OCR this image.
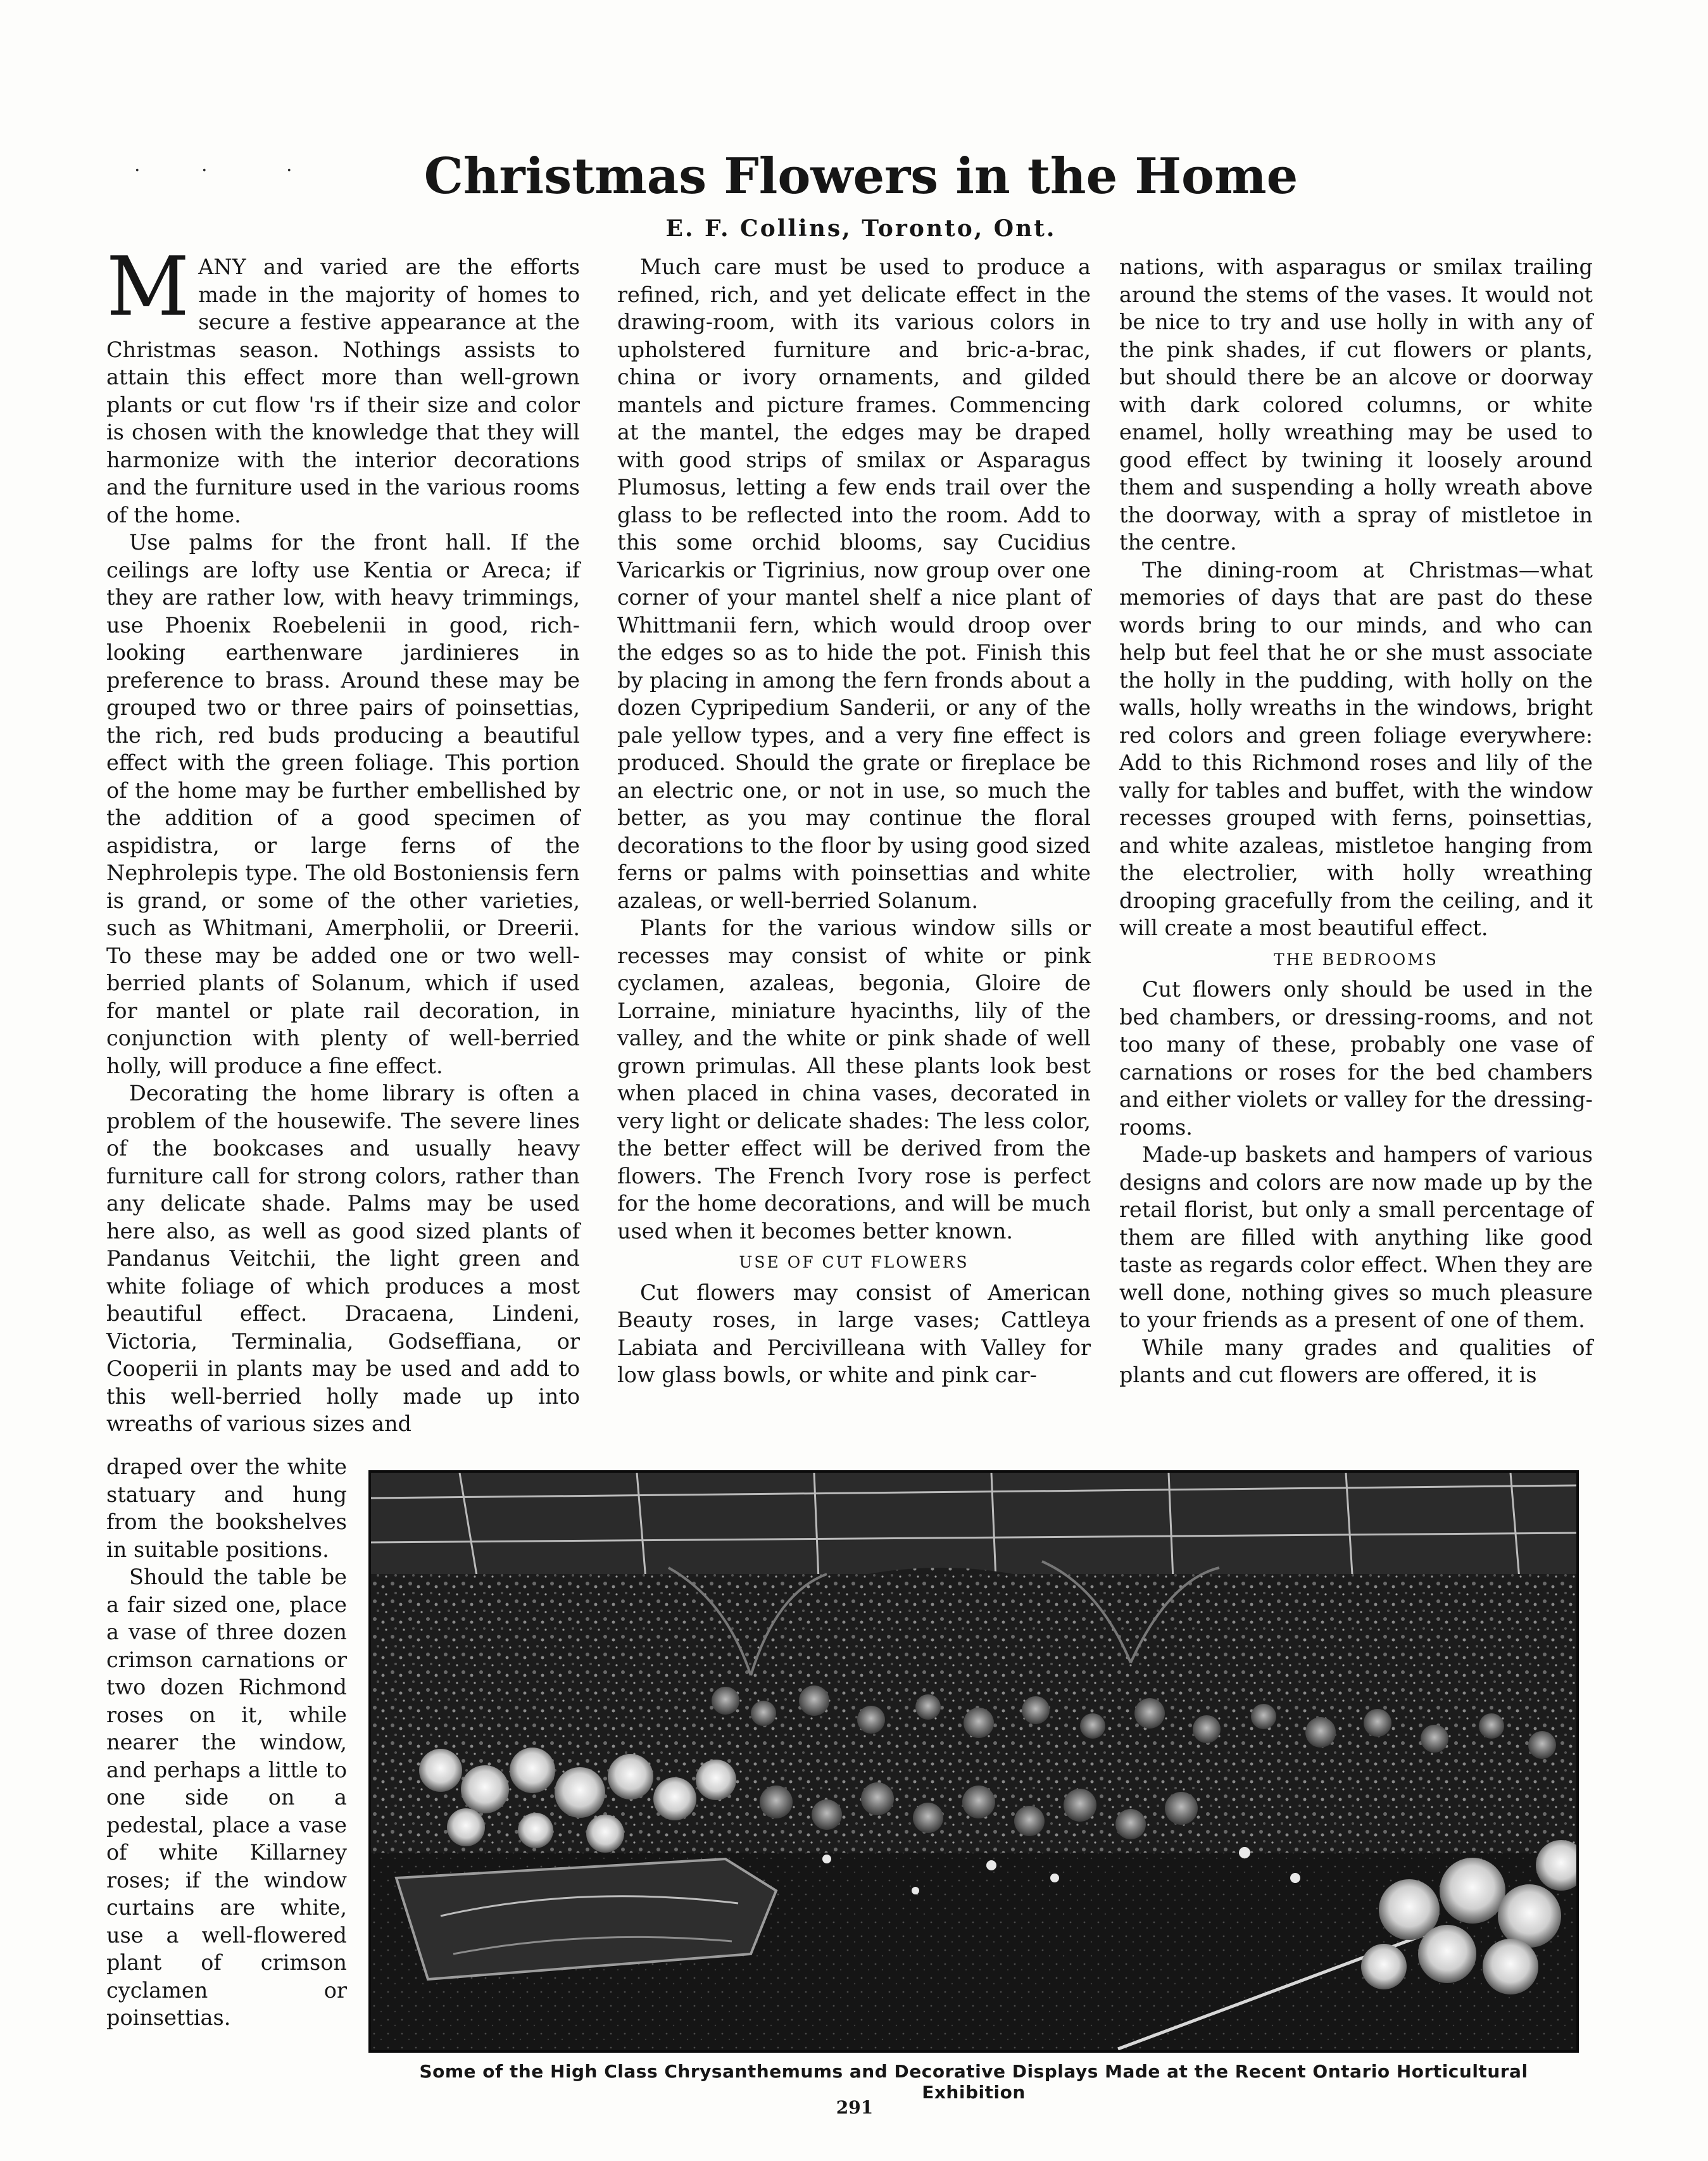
·	·	·	Christmas Flowers in the Home
E. F. Collins, Toronto, Ont.

MANY and varied are the efforts made in the majority of homes to secure a festive appearance at the Christmas season. Nothings assists to attain this effect more than well-grown plants or cut flow 'rs if their size and color is chosen with the knowledge that they will harmonize with the interior decorations and the furniture used in the various rooms of the home.

Use palms for the front hall. If the ceilings are lofty use Kentia or Areca; if they are rather low, with heavy trimmings, use Phoenix Roebelenii in good, rich-looking earthenware jardinieres in preference to brass. Around these may be grouped two or three pairs of poinsettias, the rich, red buds producing a beautiful effect with the green foliage. This portion of the home may be further embellished by the addition of a good specimen of aspidistra, or large ferns of the Nephrolepis type. The old Bostoniensis fern is grand, or some of the other varieties, such as Whitmani, Amerpholii, or Dreerii. To these may be added one or two well-berried plants of Solanum, which if used for mantel or plate rail decoration, in conjunction with plenty of well-berried holly, will produce a fine effect.

Decorating the home library is often a problem of the housewife. The severe lines of the bookcases and usually heavy furniture call for strong colors, rather than any delicate shade. Palms may be used here also, as well as good sized plants of Pandanus Veitchii, the light green and white foliage of which produces a most beautiful effect. Dracaena, Lindeni, Victoria, Terminalia, Godseffiana, or Cooperii in plants may be used and add to this well-berried holly made up into wreaths of various sizes and

draped over the white statuary and hung from the bookshelves in suitable positions.

Should the table be a fair sized one, place a vase of three dozen crimson carnations or two dozen Richmond roses on it, while nearer the window, and perhaps a little to one side on a pedestal, place a vase of white Killarney roses; if the window curtains are white, use a well-flowered plant of crimson cyclamen or poinsettias.

Much care must be used to produce a refined, rich, and yet delicate effect in the drawing-room, with its various colors in upholstered furniture and bric-a-brac, china or ivory ornaments, and gilded mantels and picture frames. Commencing at the mantel, the edges may be draped with good strips of smilax or Asparagus Plumosus, letting a few ends trail over the glass to be reflected into the room. Add to this some orchid blooms, say Cucidius Varicarkis or Tigrinius, now group over one corner of your mantel shelf a nice plant of Whittmanii fern, which would droop over the edges so as to hide the pot. Finish this by placing in among the fern fronds about a dozen Cypripedium Sanderii, or any of the pale yellow types, and a very fine effect is produced. Should the grate or fireplace be an electric one, or not in use, so much the better, as you may continue the floral decorations to the floor by using good sized ferns or palms with poinsettias and white azaleas, or well-berried Solanum.

Plants for the various window sills or recesses may consist of white or pink cyclamen, azaleas, begonia, Gloire de Lorraine, miniature hyacinths, lily of the valley, and the white or pink shade of well grown primulas. All these plants look best when placed in china vases, decorated in very light or delicate shades: The less color, the better effect will be derived from the flowers. The French Ivory rose is perfect for the home decorations, and will be much used when it becomes better known.

USE OF CUT FLOWERS

Cut flowers may consist of American Beauty roses, in large vases; Cattleya Labiata and Percivilleana with Valley for low glass bowls, or white and pink car-

nations, with asparagus or smilax trailing around the stems of the vases. It would not be nice to try and use holly in with any of the pink shades, if cut flowers or plants, but should there be an alcove or doorway with dark colored columns, or white enamel, holly wreathing may be used to good effect by twining it loosely around them and suspending a holly wreath above the doorway, with a spray of mistletoe in the centre.

The dining-room at Christmas—what memories of days that are past do these words bring to our minds, and who can help but feel that he or she must associate the holly in the pudding, with holly on the walls, holly wreaths in the windows, bright red colors and green foliage everywhere: Add to this Richmond roses and lily of the vally for tables and buffet, with the window recesses grouped with ferns, poinsettias, and white azaleas, mistletoe hanging from the electrolier, with holly wreathing drooping gracefully from the ceiling, and it will create a most beautiful effect.

THE BEDROOMS

Cut flowers only should be used in the bed chambers, or dressing-rooms, and not too many of these, probably one vase of carnations or roses for the bed chambers and either violets or valley for the dressing-rooms.

Made-up baskets and hampers of various designs and colors are now made up by the retail florist, but only a small percentage of them are filled with anything like good taste as regards color effect. When they are well done, nothing gives so much pleasure to your friends as a present of one of them.

While many grades and qualities of plants and cut flowers are offered, it is

Some of the High Class Chrysanthemums and Decorative Displays Made at the Recent Ontario Horticultural Exhibition
291
